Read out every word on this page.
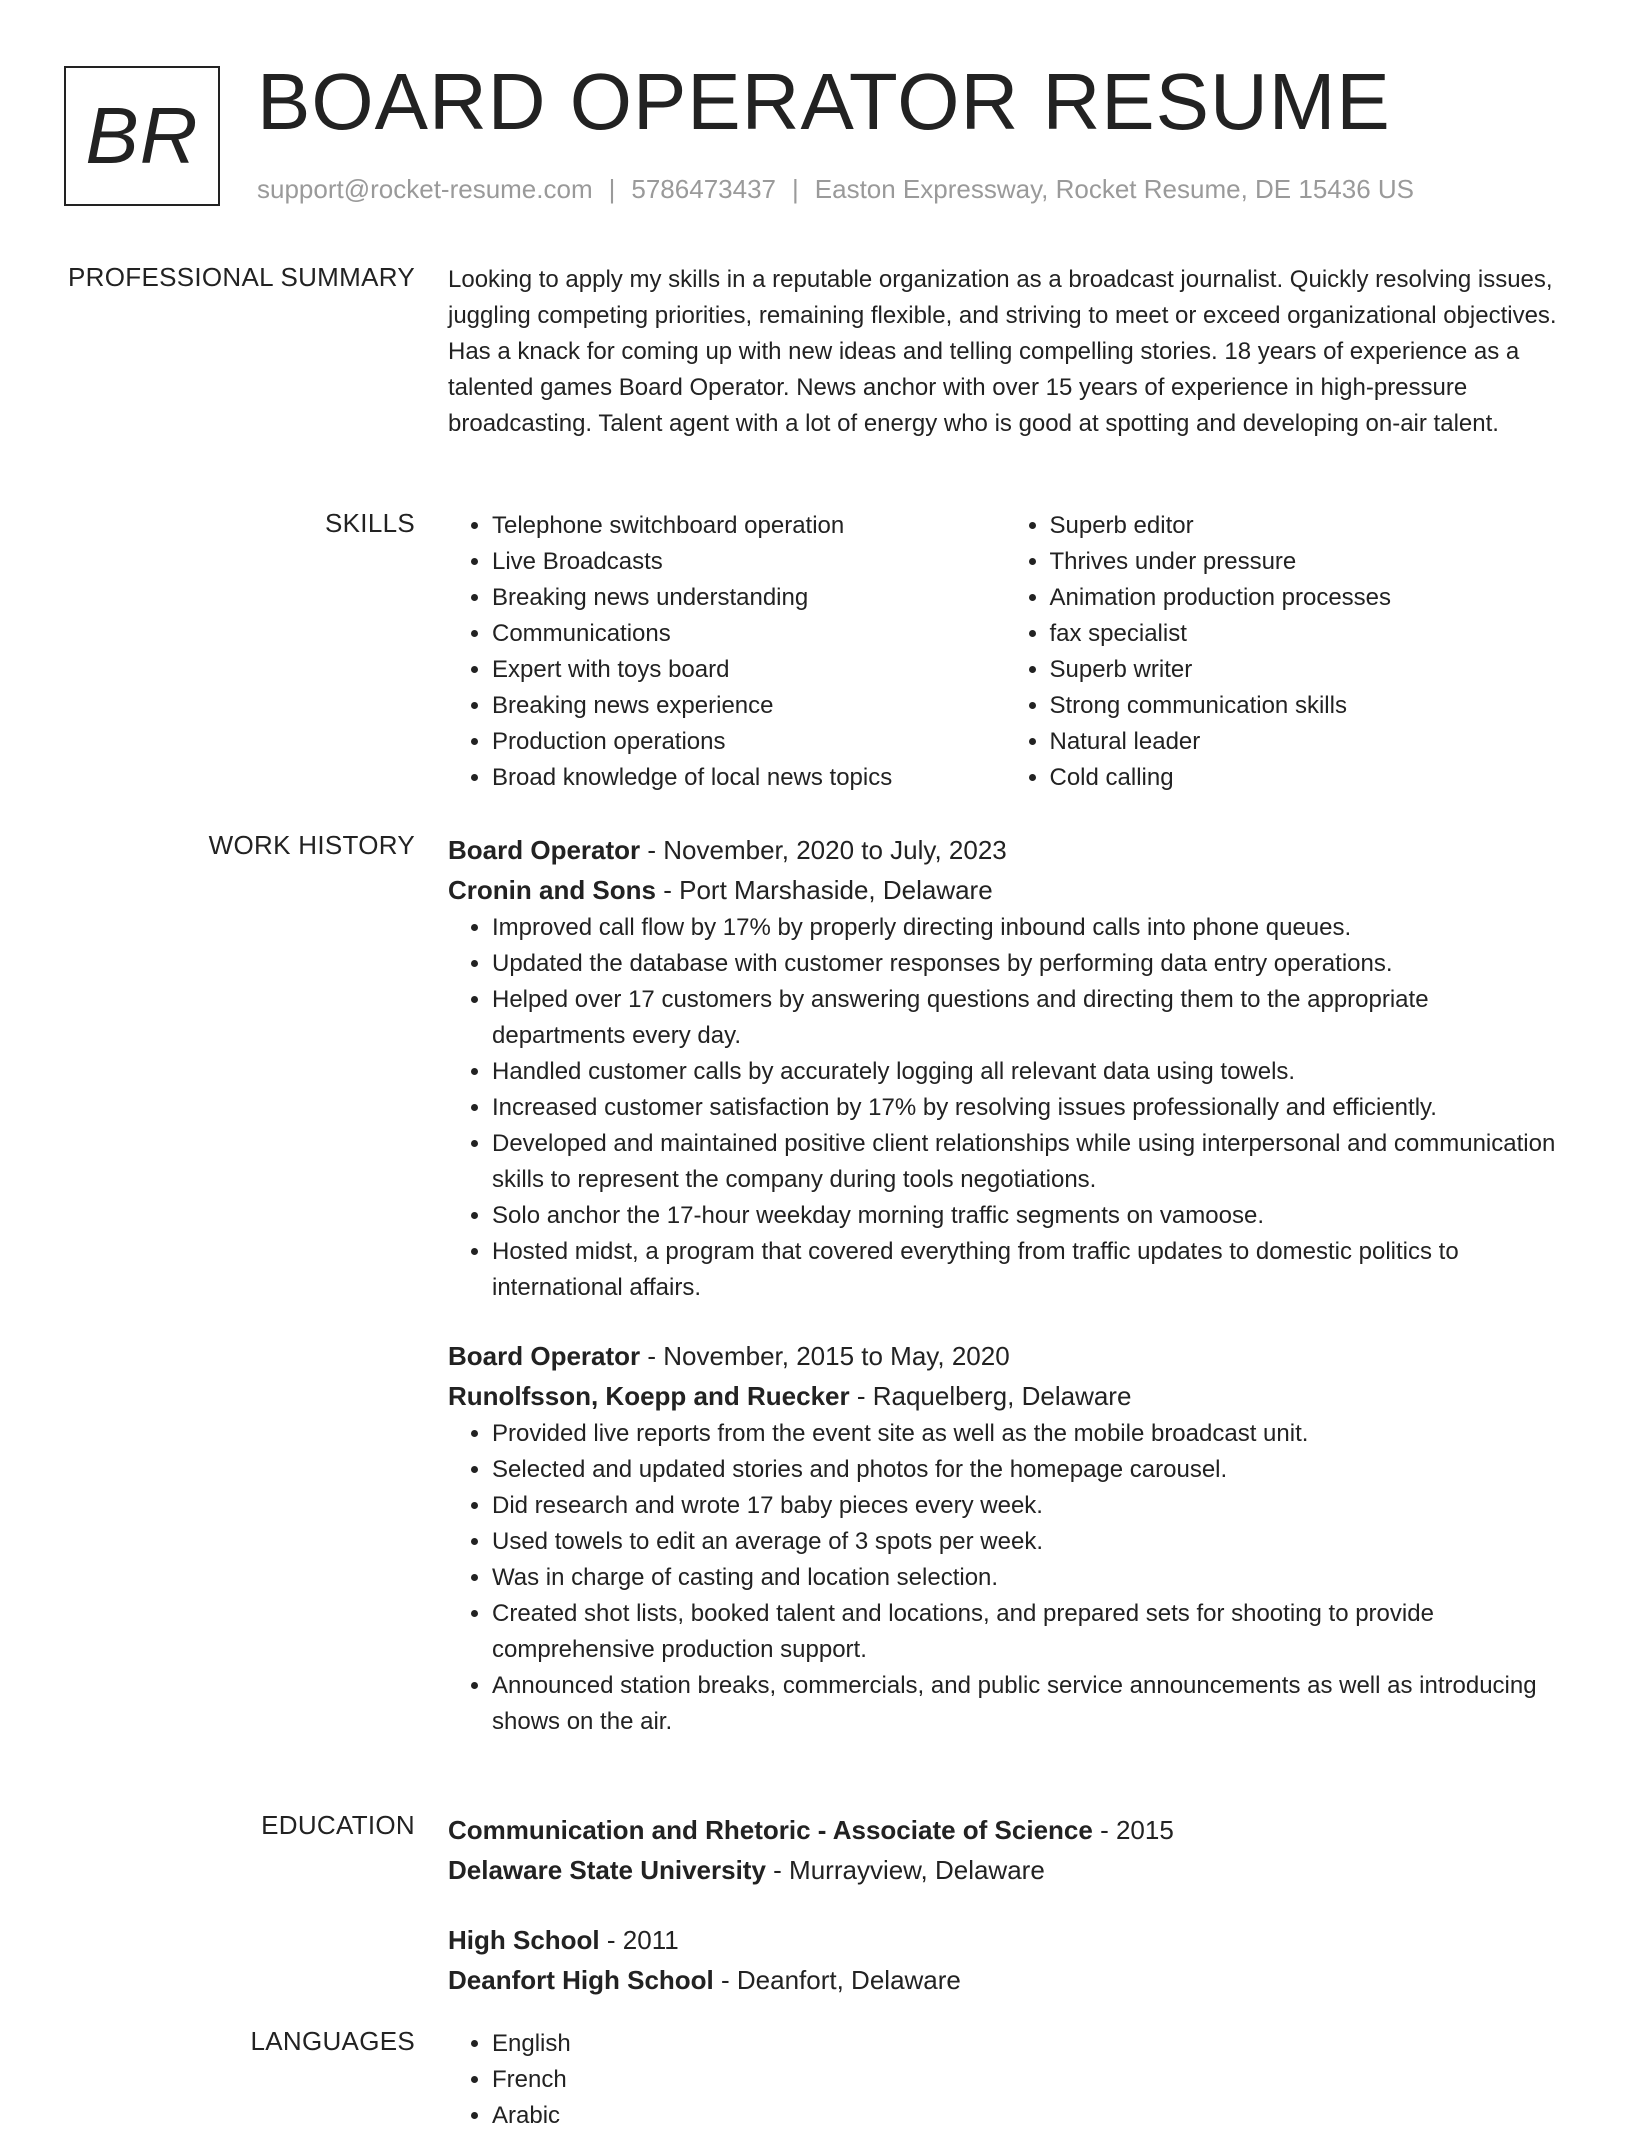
BR BOARD OPERATOR RESUME
support@rocket-resume.com | 5786473437 | Easton Expressway, Rocket Resume, DE 15436 US
PROFESSIONAL SUMMARY Looking to apply my skills in a reputable organization as a broadcast journalist. Quickly resolving issues, juggling competing priorities, remaining flexible, and striving to meet or exceed organizational objectives. Has a knack for coming up with new ideas and telling compelling stories. 18 years of experience as a talented games Board Operator. News anchor with over 15 years of experience in high-pressure broadcasting. Talent agent with a lot of energy who is good at spotting and developing on-air talent.

SKILLS	• Telephone switchboard operation
• Live Broadcasts
• Breaking news understanding
• Communications
• Expert with toys board
• Breaking news experience
• Production operations
• Broad knowledge of local news topics
• Superb editor
• Thrives under pressure
• Animation production processes
• fax specialist
• Superb writer
• Strong communication skills
• Natural leader
• Cold calling
WORK HISTORY Board Operator - November, 2020 to July, 2023
Cronin and Sons - Port Marshaside, Delaware
• Improved call flow by 17% by properly directing inbound calls into phone queues.
• Updated the database with customer responses by performing data entry operations.
• Helped over 17 customers by answering questions and directing them to the appropriate departments every day.
• Handled customer calls by accurately logging all relevant data using towels.
• Increased customer satisfaction by 17% by resolving issues professionally and efficiently.
• Developed and maintained positive client relationships while using interpersonal and communication skills to represent the company during tools negotiations.
• Solo anchor the 17-hour weekday morning traffic segments on vamoose.
• Hosted midst, a program that covered everything from traffic updates to domestic politics to international affairs.
Board Operator - November, 2015 to May, 2020
Runolfsson, Koepp and Ruecker - Raquelberg, Delaware
• Provided live reports from the event site as well as the mobile broadcast unit.
• Selected and updated stories and photos for the homepage carousel.
• Did research and wrote 17 baby pieces every week.
• Used towels to edit an average of 3 spots per week.
• Was in charge of casting and location selection.
• Created shot lists, booked talent and locations, and prepared sets for shooting to provide comprehensive production support.
• Announced station breaks, commercials, and public service announcements as well as introducing shows on the air.
EDUCATION Communication and Rhetoric - Associate of Science - 2015
Delaware State University - Murrayview, Delaware
High School - 2011
Deanfort High School - Deanfort, Delaware
LANGUAGES	• English
• French
• Arabic
